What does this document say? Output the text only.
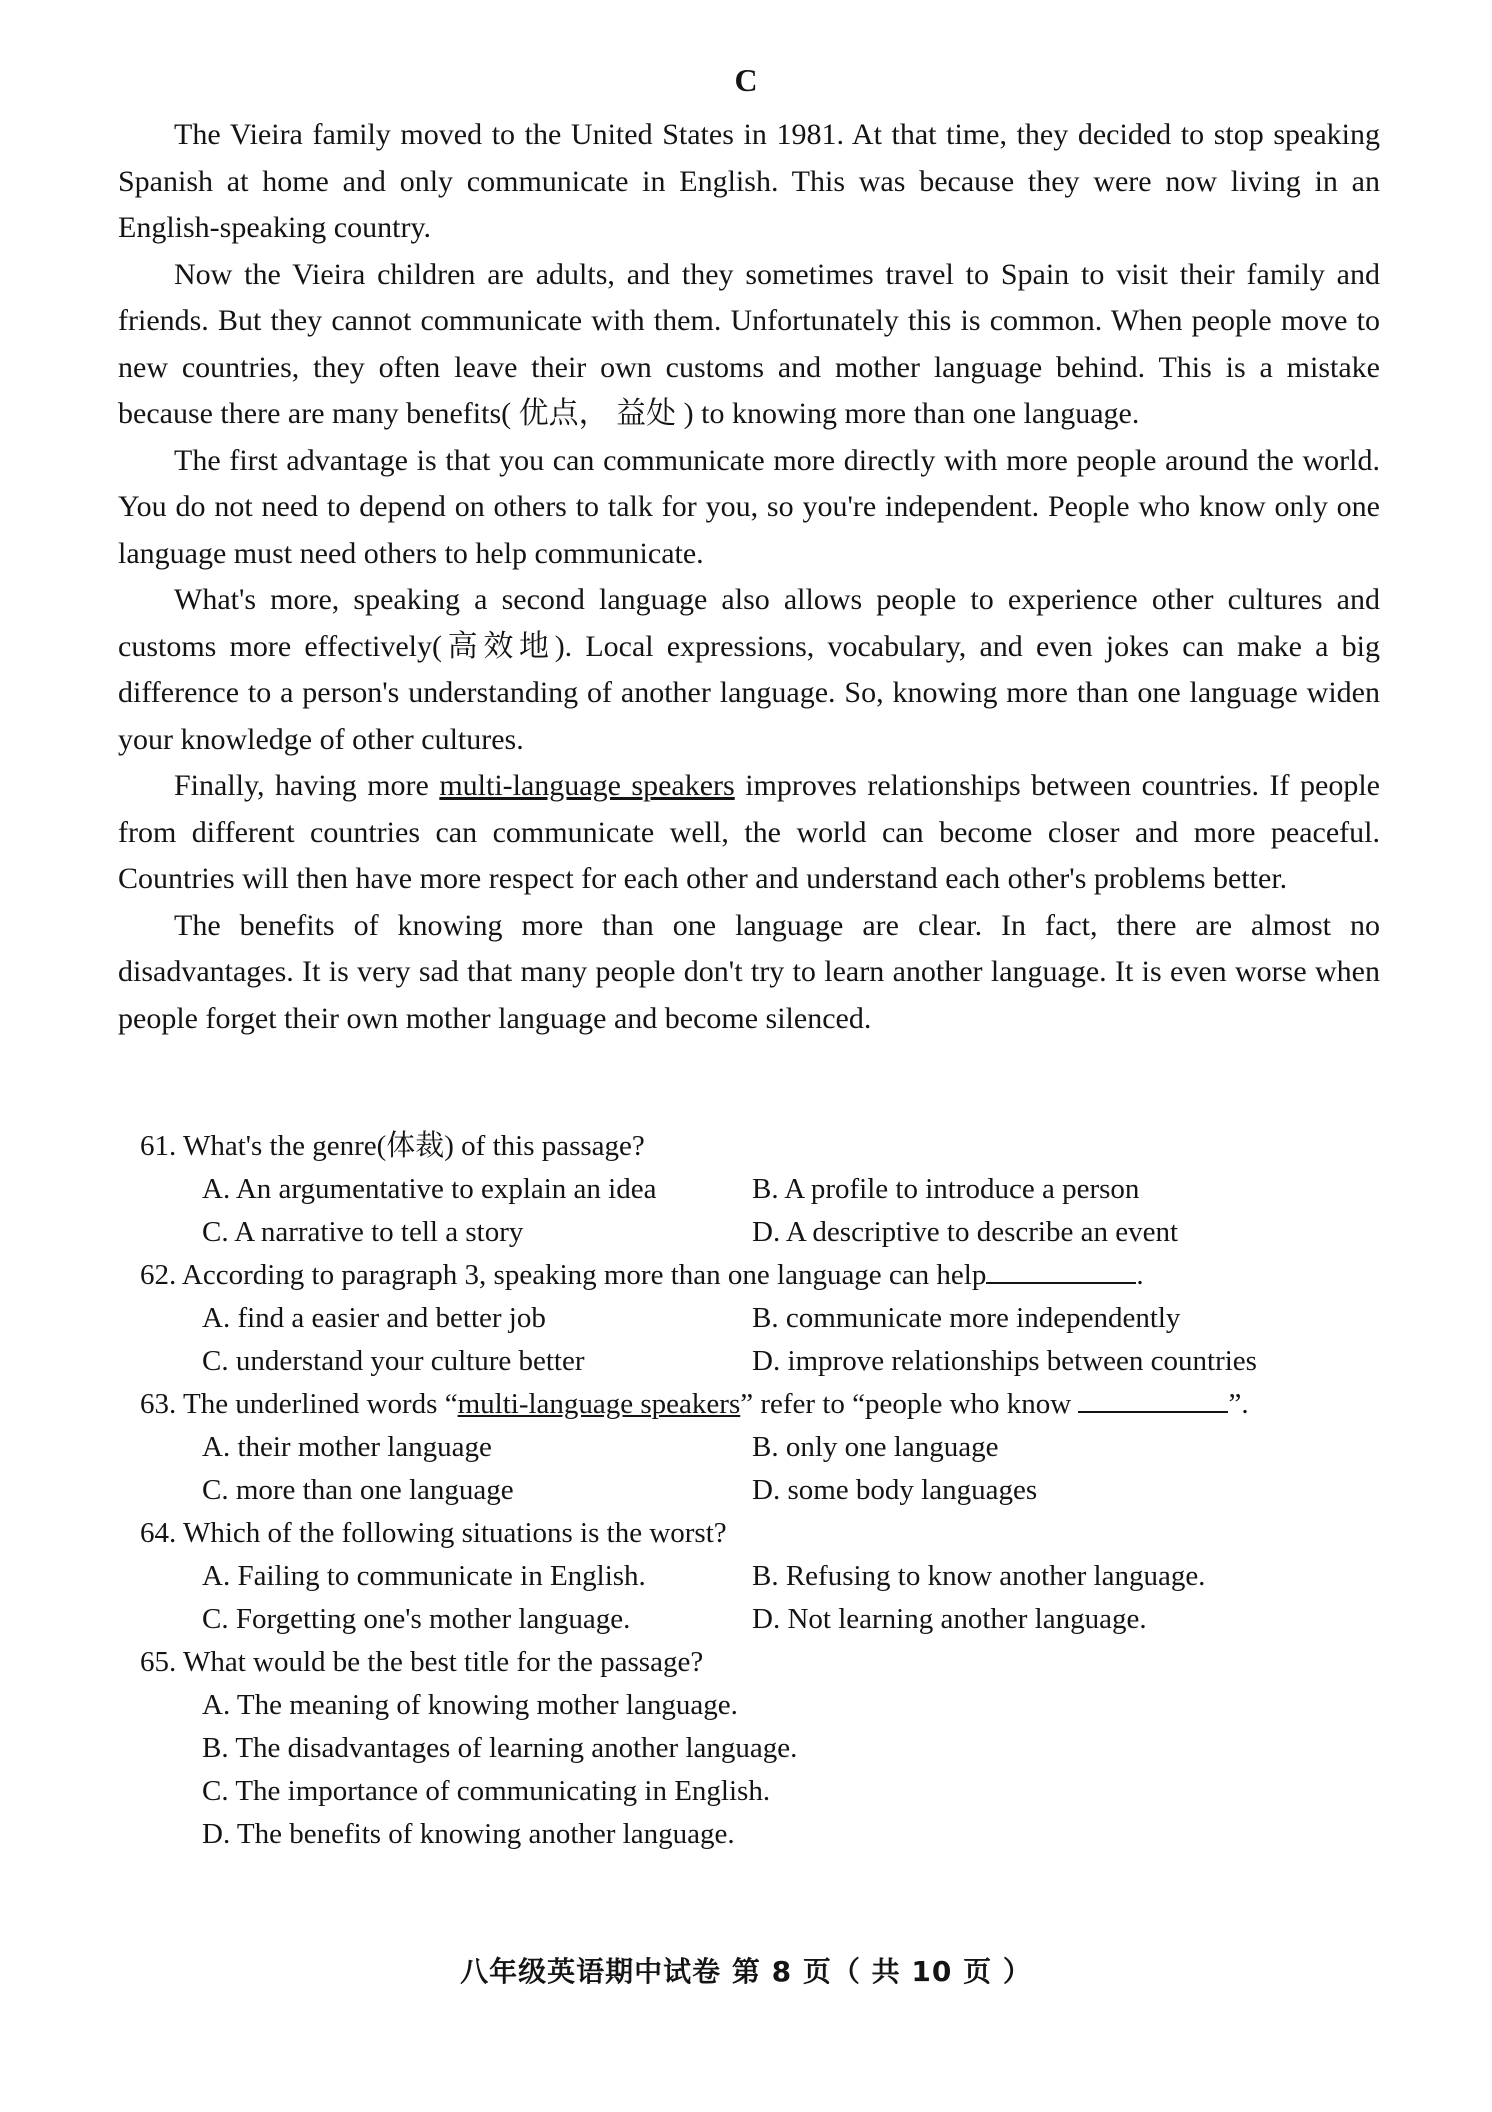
C

The Vieira family moved to the United States in 1981. At that time, they decided to stop speaking Spanish at home and only communicate in English. This was because they were now living in an English-speaking country.

Now the Vieira children are adults, and they sometimes travel to Spain to visit their family and friends. But they cannot communicate with them. Unfortunately this is common. When people move to new countries, they often leave their own customs and mother language behind. This is a mistake because there are many benefits( 优点， 益处 ) to knowing more than one language.

The first advantage is that you can communicate more directly with more people around the world. You do not need to depend on others to talk for you, so you're independent. People who know only one language must need others to help communicate.

What's more, speaking a second language also allows people to experience other cultures and customs more effectively(高效地). Local expressions, vocabulary, and even jokes can make a big difference to a person's understanding of another language. So, knowing more than one language widen your knowledge of other cultures.

Finally, having more multi-language speakers improves relationships between countries. If people from different countries can communicate well, the world can become closer and more peaceful. Countries will then have more respect for each other and understand each other's problems better.

The benefits of knowing more than one language are clear. In fact, there are almost no disadvantages. It is very sad that many people don't try to learn another language. It is even worse when people forget their own mother language and become silenced.

61. What's the genre(体裁) of this passage?

A. An argumentative to explain an idea	B. A profile to introduce a person
C. A narrative to tell a story	D. A descriptive to describe an event

62. According to paragraph 3, speaking more than one language can help	.

A. find a easier and better job	B. communicate more independently
C. understand your culture better	D. improve relationships between countries

63. The underlined words “multi-language speakers” refer to “people who know	”.

A. their mother language	B. only one language
C. more than one language	D. some body languages

64. Which of the following situations is the worst?

A. Failing to communicate in English.	B. Refusing to know another language.
C. Forgetting one's mother language.	D. Not learning another language.

65. What would be the best title for the passage?

A. The meaning of knowing mother language.
B. The disadvantages of learning another language.
C. The importance of communicating in English.
D. The benefits of knowing another language.
八年级英语期中试卷 第 8 页（ 共 10 页 ）
